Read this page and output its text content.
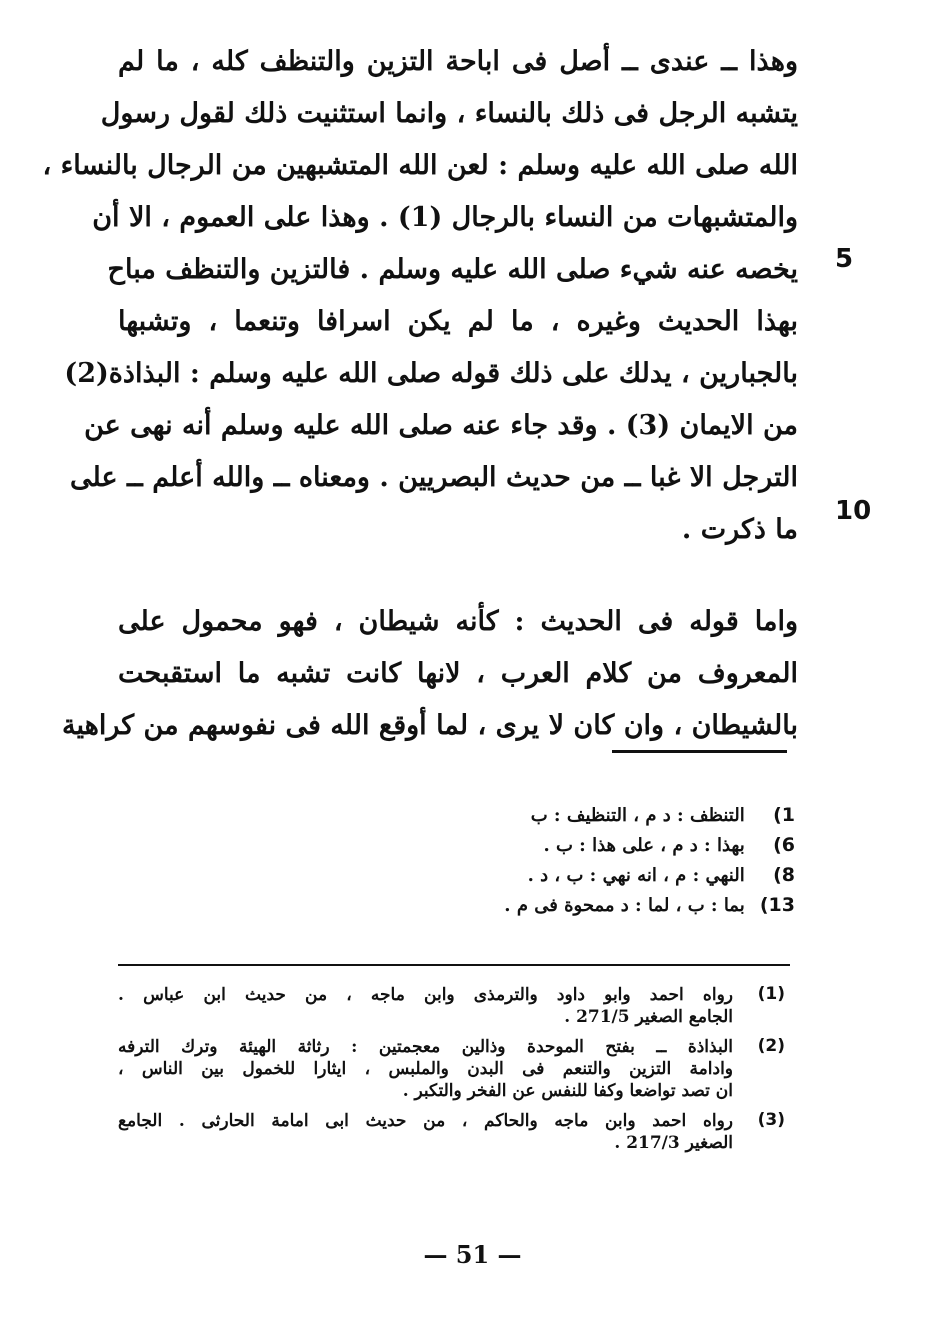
وهذا ــ عندى ــ أصل فى اباحة التزين والتنظف كله ، ما لم
يتشبه الرجل فى ذلك بالنساء ، وانما استثنيت ذلك لقول رسول
الله صلى الله عليه وسلم : لعن الله المتشبهين من الرجال بالنساء ،
والمتشبهات من النساء بالرجال (1) . وهذا على العموم ، الا أن
يخصه عنه شيء صلى الله عليه وسلم . فالتزين والتنظف مباح
بهذا الحديث وغيره ، ما لم يكن اسرافا وتنعما ، وتشبها
بالجبارين ، يدلك على ذلك قوله صلى الله عليه وسلم : البذاذة(2)
من الايمان (3) . وقد جاء عنه صلى الله عليه وسلم أنه نهى عن
الترجل الا غبا ــ من حديث البصريين . ومعناه ــ والله أعلم ــ على
ما ذكرت .
واما قوله فى الحديث : كأنه شيطان ، فهو محمول على
المعروف من كلام العرب ، لانها كانت تشبه ما استقبحت
بالشيطان ، وان كان لا يرى ، لما أوقع الله فى نفوسهم من كراهية
5
10
1) التنظف : د م ، التنظيف : ب
6) بهذا : د م ، على هذا : ب .
8) النهي : م ، انه نهي : ب ، د .
13) بما : ب ، لما : د ممحوة فى م .
(1)
رواه احمد وابو داود والترمذى وابن ماجه ، من حديث ابن عباس .
الجامع الصغير 271/5 .
(2)
البذاذة ــ بفتح الموحدة وذالين معجمتين : رثاثة الهيئة وترك الترفه
وادامة التزين والتنعم فى البدن والملبس ، ايثارا للخمول بين الناس ،
ان تصد تواضعا وكفا للنفس عن الفخر والتكبر .
(3)
رواه احمد وابن ماجه والحاكم ، من حديث ابى امامة الحارثى . الجامع
الصغير 217/3 .
— 51 —
